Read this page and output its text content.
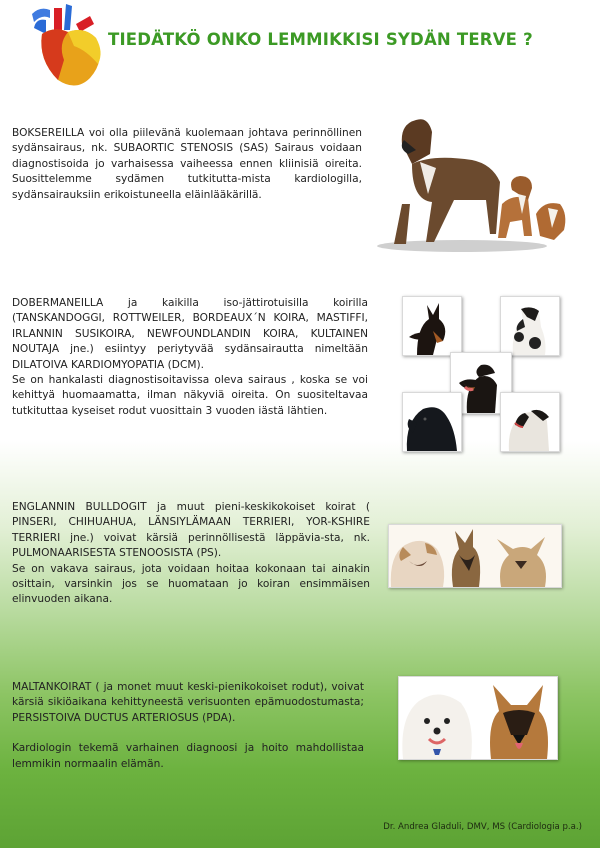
TIEDÄTKÖ ONKO LEMMIKKISI SYDÄN TERVE ?

BOKSEREILLA voi olla piilevänä kuolemaan johtava perinnöllinen sydänsairaus, nk. SUBAORTIC STENOSIS (SAS) Sairaus voidaan diagnostisoida jo varhaisessa vaiheessa ennen kliinisiä oireita. Suosittelemme sydämen tutkitutta-mista kardiologilla, sydänsairauksiin erikoistuneella eläinlääkärillä.

DOBERMANEILLA ja kaikilla iso-jättirotuisilla koirilla (TANSKANDOGGI, ROTTWEILER, BORDEAUX´N KOIRA, MASTIFFI, IRLANNIN SUSIKOIRA, NEWFOUNDLANDIN KOIRA, KULTAINEN NOUTAJA jne.) esiintyy periytyvää sydänsairautta nimeltään DILATOIVA KARDIOMYOPATIA (DCM).

Se on hankalasti diagnostisoitavissa oleva sairaus , koska se voi kehittyä huomaamatta, ilman näkyviä oireita. On suositeltavaa tutkituttaa kyseiset rodut vuosittain 3 vuoden iästä lähtien.

ENGLANNIN BULLDOGIT ja muut pieni-keskikokoiset koirat ( PINSERI, CHIHUAHUA, LÄNSIYLÄMAAN TERRIERI, YOR-KSHIRE TERRIERI jne.) voivat kärsiä perinnöllisestä läppävia-sta, nk. PULMONAARISESTA STENOOSISTA (PS).

Se on vakava sairaus, jota voidaan hoitaa kokonaan tai ainakin osittain, varsinkin jos se huomataan jo koiran ensimmäisen elinvuoden aikana.

MALTANKOIRAT ( ja monet muut keski-pienikokoiset rodut), voivat kärsiä sikiöaikana kehittyneestä verisuonten epämuodostumasta; PERSISTOIVA DUCTUS ARTERIOSUS (PDA).

Kardiologin tekemä varhainen diagnoosi ja hoito mahdollistaa lemmikin normaalin elämän.

Dr. Andrea Gladuli, DMV, MS (Cardiologia p.a.)
